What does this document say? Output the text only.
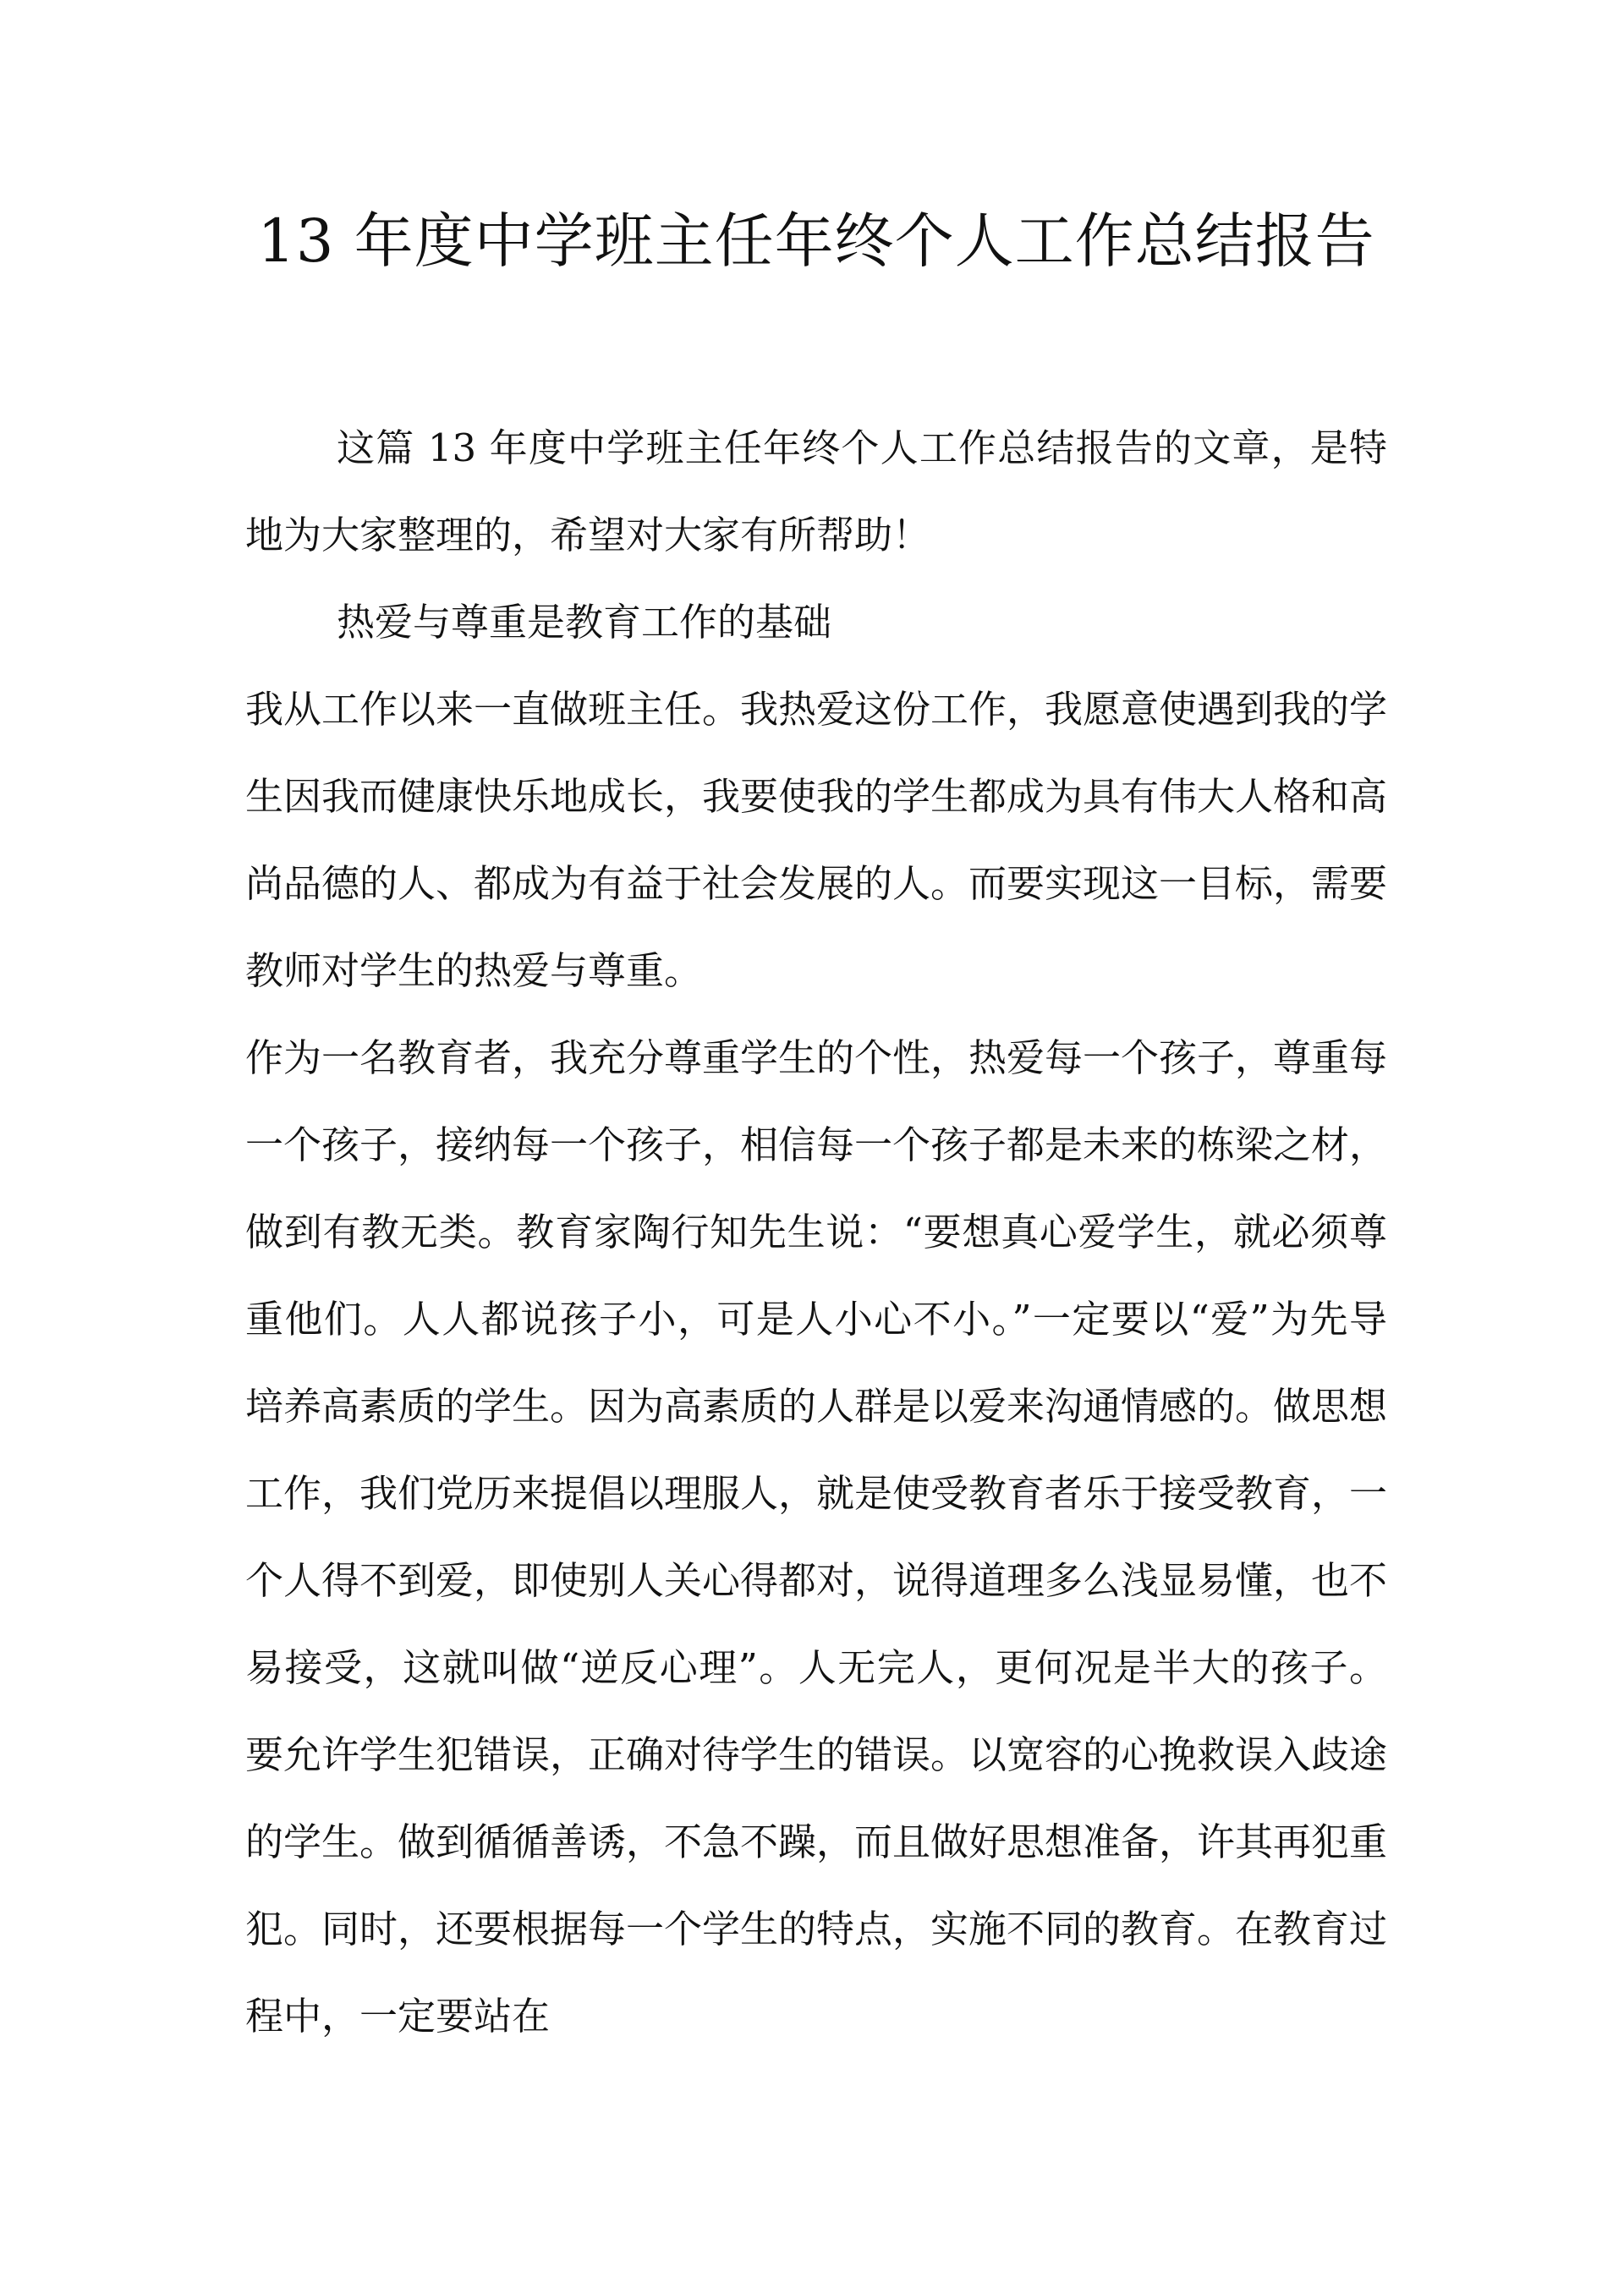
13 年度中学班主任年终个人工作总结报告

这篇 13 年度中学班主任年终个人工作总结报告的文章，是特地为大家整理的，希望对大家有所帮助！

热爱与尊重是教育工作的基础

我从工作以来一直做班主任。我热爱这份工作，我愿意使遇到我的学生因我而健康快乐地成长，我要使我的学生都成为具有伟大人格和高尚品德的人、都成为有益于社会发展的人。而要实现这一目标，需要教师对学生的热爱与尊重。

作为一名教育者，我充分尊重学生的个性，热爱每一个孩子，尊重每一个孩子，接纳每一个孩子，相信每一个孩子都是未来的栋梁之材，做到有教无类。教育家陶行知先生说：“要想真心爱学生，就必须尊重他们。人人都说孩子小，可是人小心不小。”一定要以“爱”为先导培养高素质的学生。因为高素质的人群是以爱来沟通情感的。做思想工作，我们党历来提倡以理服人，就是使受教育者乐于接受教育，一个人得不到爱，即使别人关心得都对，说得道理多么浅显易懂，也不易接受，这就叫做“逆反心理”。人无完人，更何况是半大的孩子。要允许学生犯错误，正确对待学生的错误。以宽容的心挽救误入歧途的学生。做到循循善诱，不急不躁，而且做好思想准备，许其再犯重犯。同时，还要根据每一个学生的特点，实施不同的教育。在教育过程中，一定要站在
